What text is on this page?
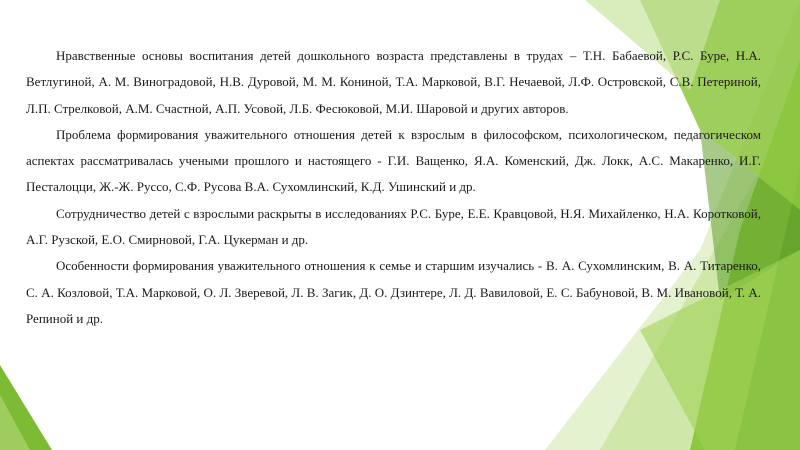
Нравственные основы воспитания детей дошкольного возраста представлены в трудах – Т.Н. Бабаевой, Р.С. Буре, Н.А. Ветлугиной, А. М. Виноградовой, Н.В. Дуровой, М. М. Кониной, Т.А. Марковой, В.Г. Нечаевой, Л.Ф. Островской, С.В. Петериной, Л.П. Стрелковой, А.М. Счастной, А.П. Усовой, Л.Б. Фесюковой, М.И. Шаровой и других авторов.

Проблема формирования уважительного отношения детей к взрослым в философском, психологическом, педагогическом аспектах рассматривалась учеными прошлого и настоящего - Г.И. Ващенко, Я.А. Коменский, Дж. Локк, А.С. Макаренко, И.Г. Песталоцци, Ж.-Ж. Руссо, С.Ф. Русова В.А. Сухомлинский, К.Д. Ушинский и др.

Сотрудничество детей с взрослыми раскрыты в исследованиях Р.С. Буре, Е.Е. Кравцовой, Н.Я. Михайленко, Н.А. Коротковой, А.Г. Рузской, Е.О. Смирновой, Г.А. Цукерман и др.

Особенности формирования уважительного отношения к семье и старшим изучались - В. А. Сухомлинским, В. А. Титаренко, С. А. Козловой, Т.А. Марковой, О. Л. Зверевой, Л. В. Загик, Д. О. Дзинтере, Л. Д. Вавиловой, Е. С. Бабуновой, В. М. Ивановой, Т. А. Репиной и др.
